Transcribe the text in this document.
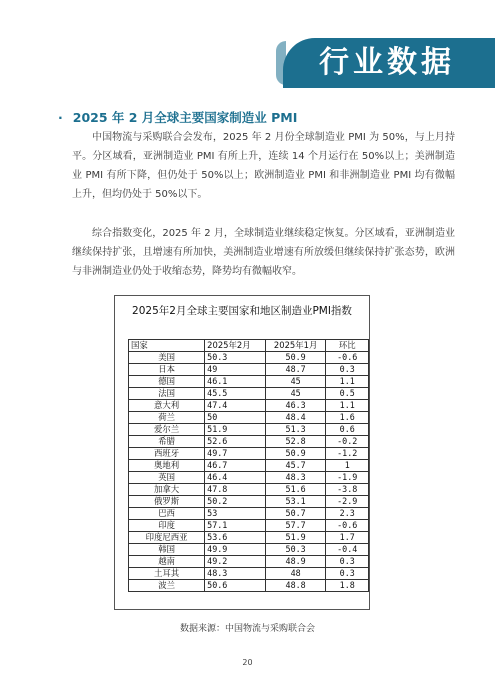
行业数据
· 2025 年 2 月全球主要国家制造业 PMI

中国物流与采购联合会发布，2025 年 2 月份全球制造业 PMI 为 50%，与上月持平。分区域看，亚洲制造业 PMI 有所上升，连续 14 个月运行在 50%以上；美洲制造业 PMI 有所下降，但仍处于 50%以上；欧洲制造业 PMI 和非洲制造业 PMI 均有微幅上升，但均仍处于 50%以下。

综合指数变化，2025 年 2 月，全球制造业继续稳定恢复。分区域看，亚洲制造业继续保持扩张，且增速有所加快，美洲制造业增速有所放缓但继续保持扩张态势，欧洲与非洲制造业仍处于收缩态势，降势均有微幅收窄。

2025年2月全球主要国家和地区制造业PMI指数
国家	2025年2月	2025年1月	环比
美国	50.3	50.9	-0.6
日本	49	48.7	0.3
德国	46.1	45	1.1
法国	45.5	45	0.5
意大利	47.4	46.3	1.1
荷兰	50	48.4	1.6
爱尔兰	51.9	51.3	0.6
希腊	52.6	52.8	-0.2
西班牙	49.7	50.9	-1.2
奥地利	46.7	45.7	1
英国	46.4	48.3	-1.9
加拿大	47.8	51.6	-3.8
俄罗斯	50.2	53.1	-2.9
巴西	53	50.7	2.3
印度	57.1	57.7	-0.6
印度尼西亚	53.6	51.9	1.7
韩国	49.9	50.3	-0.4
越南	49.2	48.9	0.3
土耳其	48.3	48	0.3
波兰	50.6	48.8	1.8
数据来源：中国物流与采购联合会
20
